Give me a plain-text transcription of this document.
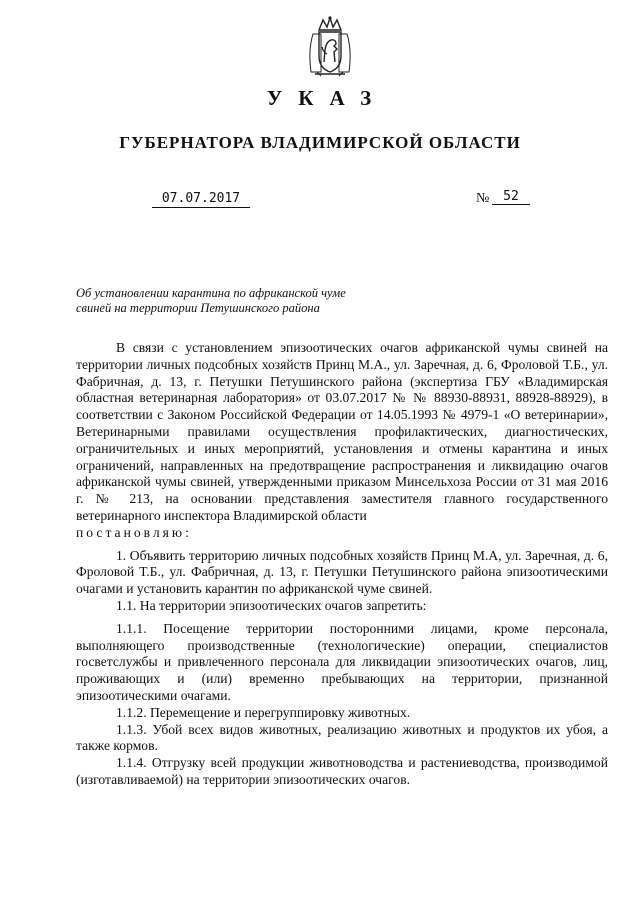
УКАЗ
ГУБЕРНАТОРА ВЛАДИМИРСКОЙ ОБЛАСТИ
07.07.2017	№	52
Об установлении карантина по африканской чуме
свиней на территории Петушинского района

В связи с установлением эпизоотических очагов африканской чумы свиней на территории личных подсобных хозяйств Принц М.А., ул. Заречная, д. 6, Фроловой Т.Б., ул. Фабричная, д. 13, г. Петушки Петушинского района (экспертиза ГБУ «Владимирская областная ветеринарная лаборатория» от 03.07.2017 № № 88930-88931, 88928-88929), в соответствии с Законом Российской Федерации от 14.05.1993 № 4979-1 «О ветеринарии», Ветеринарными правилами осуществления профилактических, диагностических, ограничительных и иных мероприятий, установления и отмены карантина и иных ограничений, направленных на предотвращение распространения и ликвидацию очагов африканской чумы свиней, утвержденными приказом Минсельхоза России от 31 мая 2016 г. № 213, на основании представления заместителя главного государственного ветеринарного инспектора Владимирской области

постановляю:

1. Объявить территорию личных подсобных хозяйств Принц М.А, ул. Заречная, д. 6, Фроловой Т.Б., ул. Фабричная, д. 13, г. Петушки Петушинского района эпизоотическими очагами и установить карантин по африканской чуме свиней.

1.1. На территории эпизоотических очагов запретить:

1.1.1. Посещение территории посторонними лицами, кроме персонала, выполняющего производственные (технологические) операции, специалистов госветслужбы и привлеченного персонала для ликвидации эпизоотических очагов, лиц, проживающих и (или) временно пребывающих на территории, признанной эпизоотическими очагами.

1.1.2. Перемещение и перегруппировку животных.

1.1.3. Убой всех видов животных, реализацию животных и продуктов их убоя, а также кормов.

1.1.4. Отгрузку всей продукции животноводства и растениеводства, производимой (изготавливаемой) на территории эпизоотических очагов.
